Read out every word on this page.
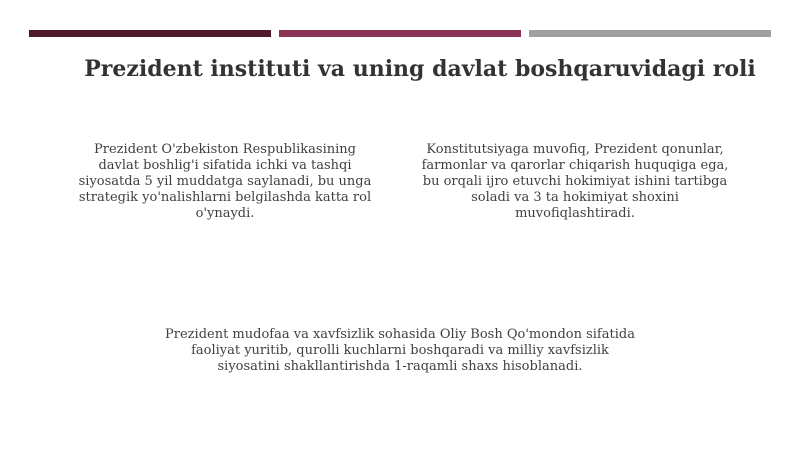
Prezident instituti va uning davlat boshqaruvidagi roli
Prezident O'zbekiston Respublikasining
davlat boshlig'i sifatida ichki va tashqi
siyosatda 5 yil muddatga saylanadi, bu unga
strategik yo'nalishlarni belgilashda katta rol
o'ynaydi.
Konstitutsiyaga muvofiq, Prezident qonunlar,
farmonlar va qarorlar chiqarish huquqiga ega,
bu orqali ijro etuvchi hokimiyat ishini tartibga
soladi va 3 ta hokimiyat shoxini
muvofiqlashtiradi.
Prezident mudofaa va xavfsizlik sohasida Oliy Bosh Qo'mondon sifatida
faoliyat yuritib, qurolli kuchlarni boshqaradi va milliy xavfsizlik
siyosatini shakllantirishda 1-raqamli shaxs hisoblanadi.
